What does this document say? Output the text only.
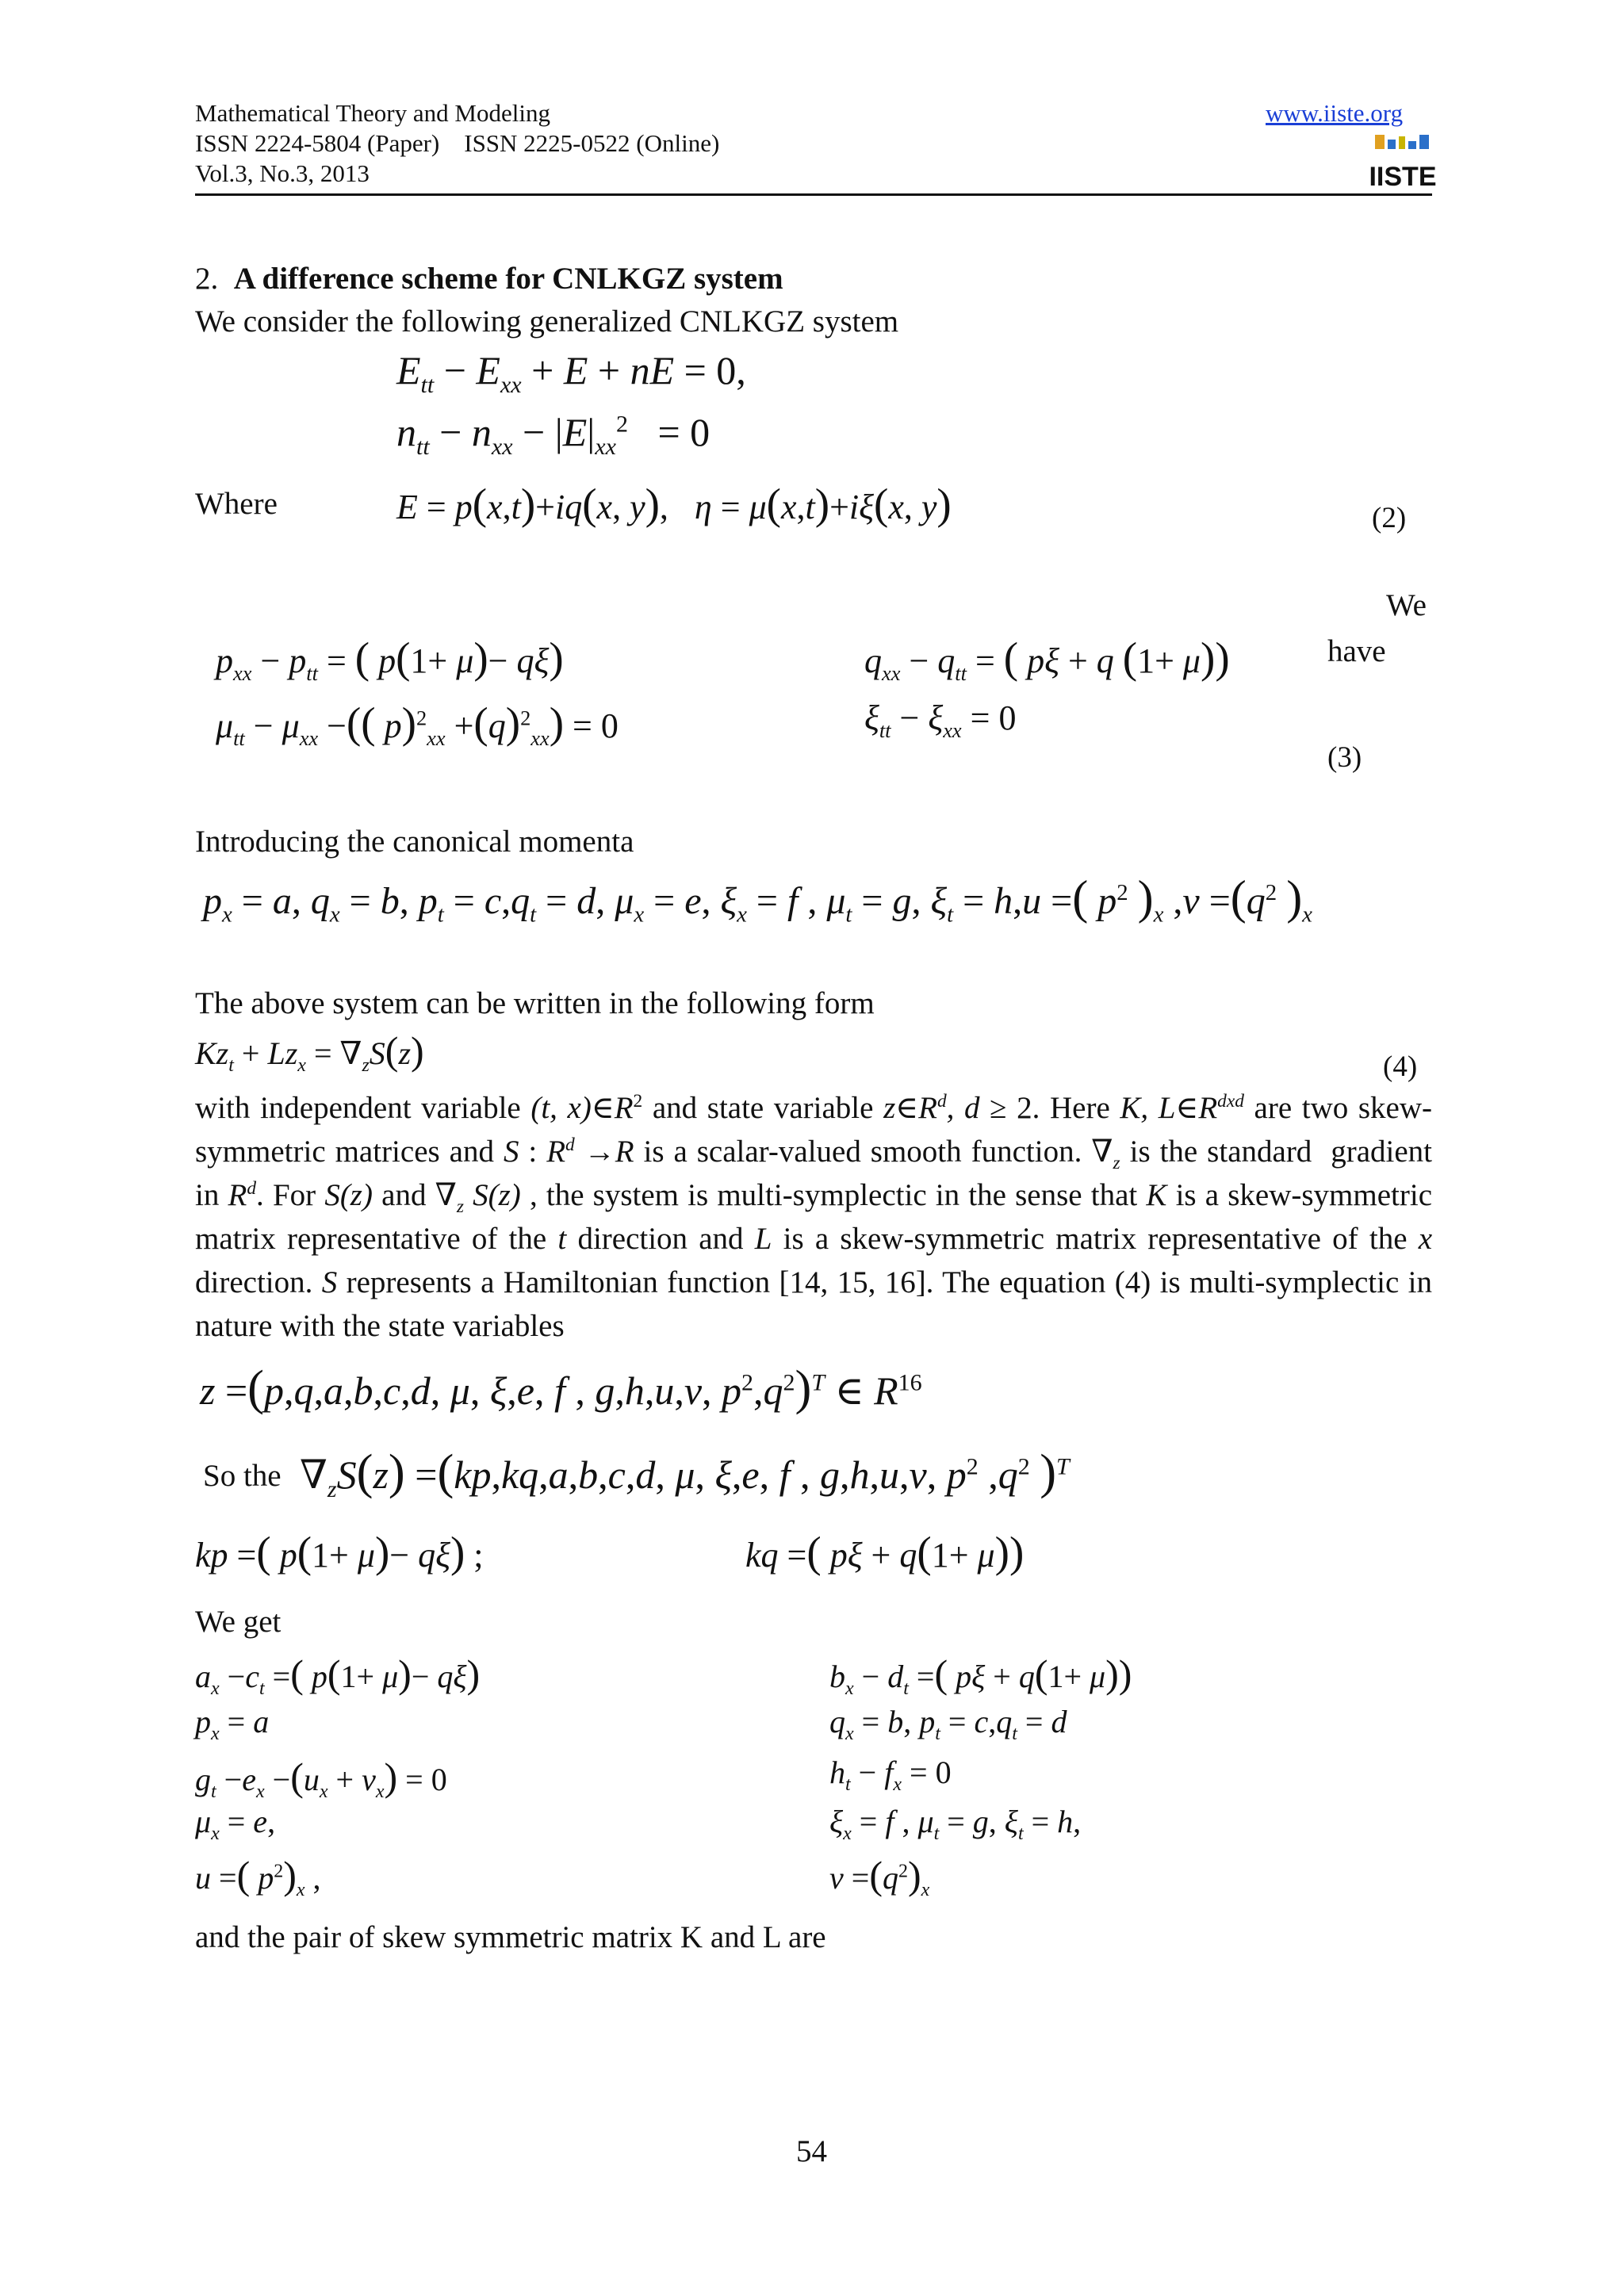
Mathematical Theory and Modeling
ISSN 2224-5804 (Paper)    ISSN 2225-0522 (Online)
Vol.3, No.3, 2013
www.iiste.org
IISTE
2. A difference scheme for CNLKGZ system
We consider the following generalized CNLKGZ system
$E_{tt} - E_{xx} + E$ + nE = 0,
$n_{tt} - n_{xx} - |E|_{xx}^2 = 0$
Where	E = p(x,t)+iq(x, y),   η = μ(x,t)+iξ(x, y)	(2)
We
$p_{xx} - p_{tt}$ = ( p(1+ μ)− qξ)	$q_{xx} - q_{tt}$ = ( pξ + q (1+ μ))	have
$\mu_{tt} - \mu_{xx}$ −(( $p)^2_{xx} +(q)^2_{xx}) = 0$	$\xi_{tt} - \xi_{xx} = 0$
(3)
Introducing the canonical momenta
$p_x = a$, $q_x = b$, $p_t = c,q_t = d$, $\mu_x = e$, $\xi_x = f$ , $\mu_t = g$, $\xi_t = h,u$ =( $p^2$ )$_x$ $,v =(q^2$ )$_x$
The above system can be written in the following form
$Kz_t + Lz_x = \nabla_zS(z)$	(4)
with independent variable (t, $x)\in R^2$ and state variable $z\in R^d$, d ≥ 2. Here K, $L\in R^{dxd}$ are two skew-symmetric matrices and S : $R^d \to R$ is a scalar-valued smooth function. $\nabla_z$ is the standard  gradient in $R^d$. For S(z) and $\nabla_z$ S(z) , the system is multi-symplectic in the sense that K is a skew-symmetric matrix representative of the t direction and L is a skew-symmetric matrix representative of the x direction. S represents a Hamiltonian function [14, 15, 16]. The equation (4) is multi-symplectic in nature with the state variables
z =(p,q,a,b,c,d, μ, ξ,e, f , g,h,u,v, $p^2,q^2)^T$ ∈ $R^{16}$
So the $\nabla_zS(z) =(kp,kq,a,b,c,d$, μ, ξ,e, f , g,h,u,v, $p^2$ $,q^2$ )$^T$
kp =( p(1+ μ)− qξ) ;	kq =( pξ + q(1+ μ))
We get
$a_x -c_t$ =( p(1+ μ)− qξ)	$b_x - d_t$ =( pξ + q(1+ μ))
$p_x = a$	$q_x = b$, $p_t = c,q_t = d$
$g_t -e_x -(u_x + v_x) = 0$	$h_t - f_x = 0$
$\mu_x = e$,	$\xi_x = f$ , $\mu_t = g$, $\xi_t = h$,
u =( $p^2)_x$ ,	$v =(q^2)_x$
and the pair of skew symmetric matrix K and L are
54
